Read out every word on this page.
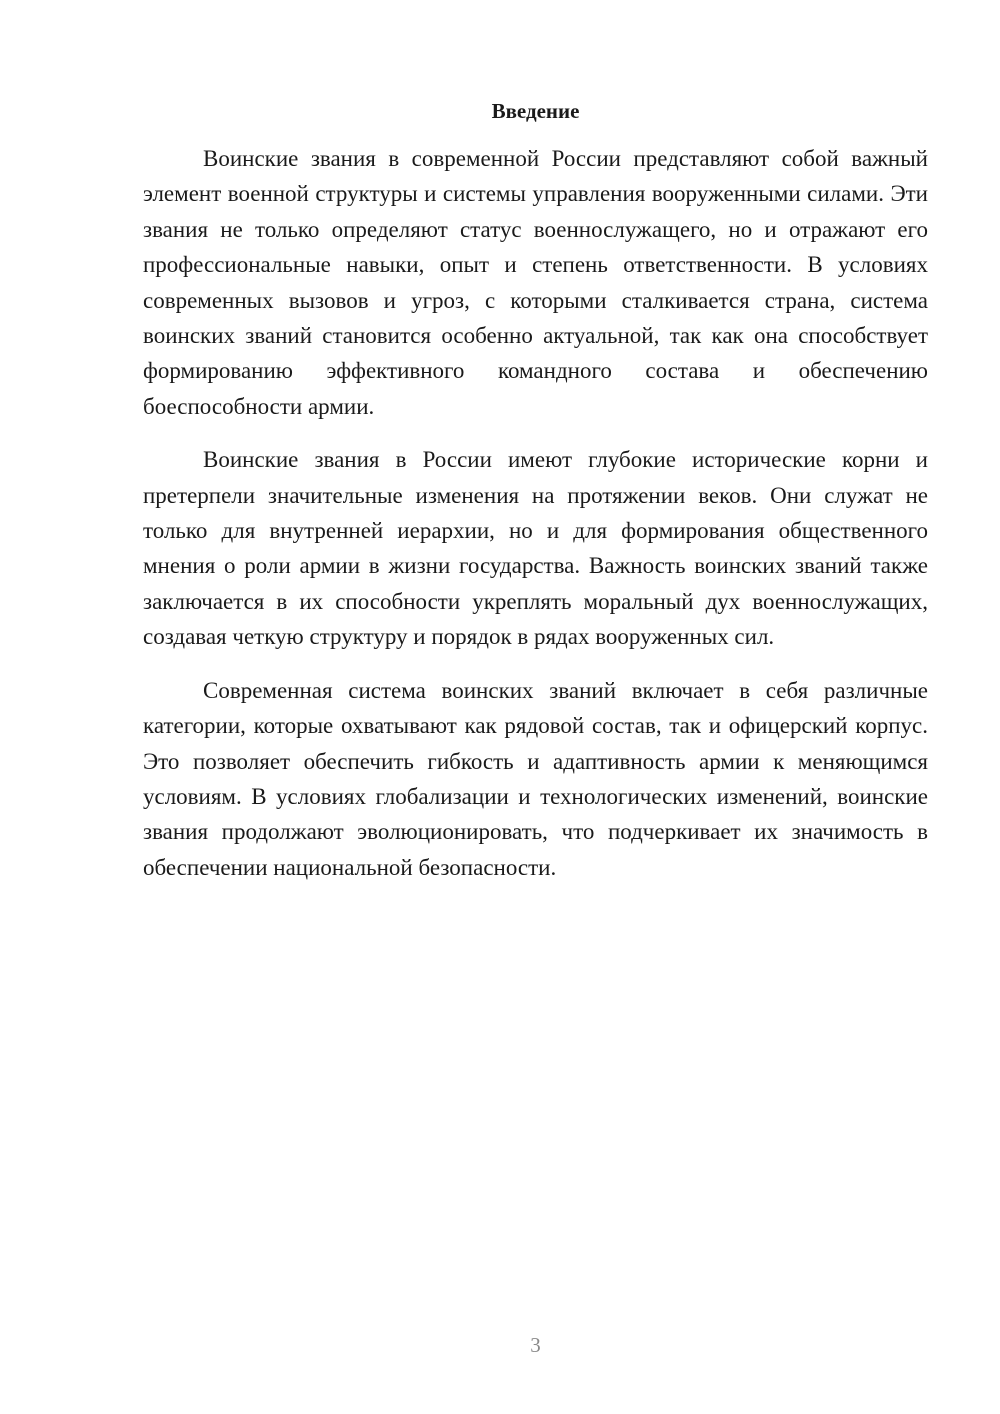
Введение

Воинские звания в современной России представляют собой важный элемент военной структуры и системы управления вооруженными силами. Эти звания не только определяют статус военнослужащего, но и отражают его профессиональные навыки, опыт и степень ответственности. В условиях современных вызовов и угроз, с которыми сталкивается страна, система воинских званий становится особенно актуальной, так как она способствует формированию эффективного командного состава и обеспечению боеспособности армии.

Воинские звания в России имеют глубокие исторические корни и претерпели значительные изменения на протяжении веков. Они служат не только для внутренней иерархии, но и для формирования общественного мнения о роли армии в жизни государства. Важность воинских званий также заключается в их способности укреплять моральный дух военнослужащих, создавая четкую структуру и порядок в рядах вооруженных сил.

Современная система воинских званий включает в себя различные категории, которые охватывают как рядовой состав, так и офицерский корпус. Это позволяет обеспечить гибкость и адаптивность армии к меняющимся условиям. В условиях глобализации и технологических изменений, воинские звания продолжают эволюционировать, что подчеркивает их значимость в обеспечении национальной безопасности.

3
